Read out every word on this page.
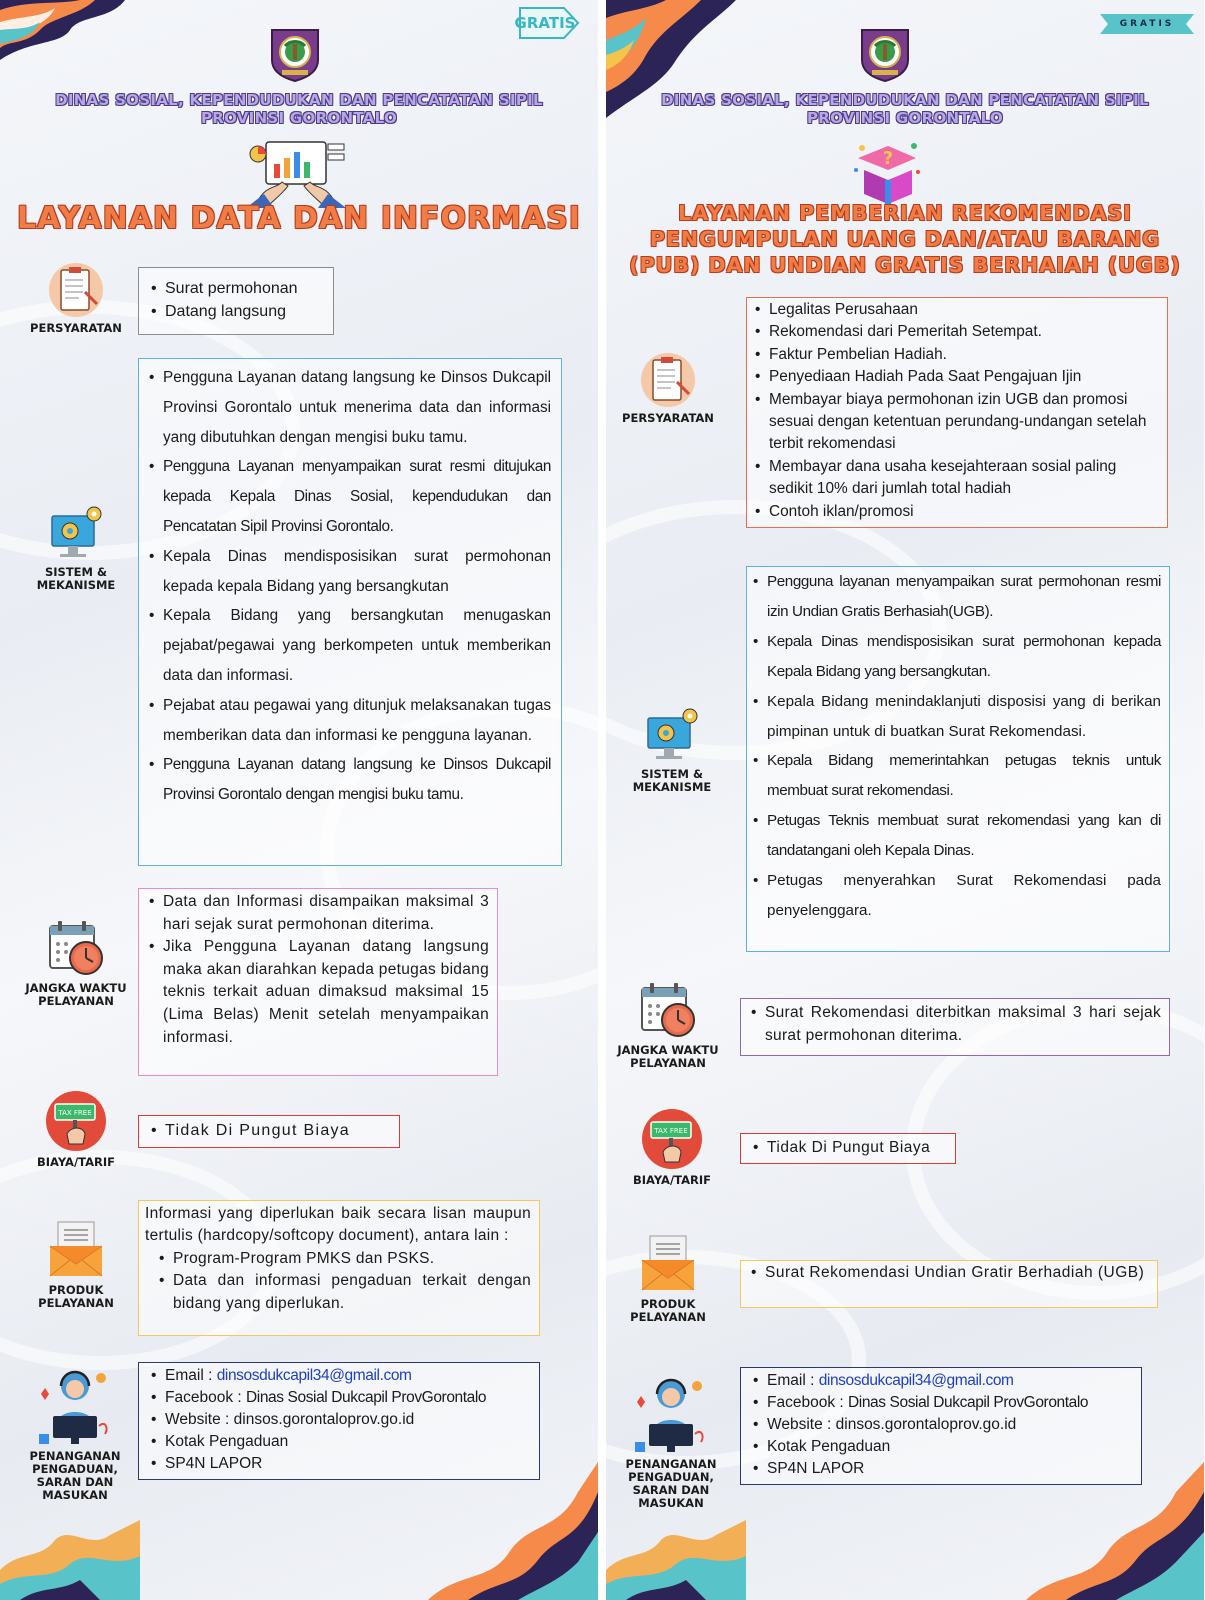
GRATIS
DINAS SOSIAL, KEPENDUDUKAN DAN PENCATATAN SIPIL
PROVINSI GORONTALO
LAYANAN DATA DAN INFORMASI
PERSYARATAN
• Surat permohonan
• Datang langsung
SISTEM &
MEKANISME
• Pengguna Layanan datang langsung ke Dinsos Dukcapil Provinsi Gorontalo untuk menerima data dan informasi yang dibutuhkan dengan mengisi buku tamu.
• Pengguna Layanan menyampaikan surat resmi ditujukan kepada Kepala Dinas Sosial, kependudukan dan Pencatatan Sipil Provinsi Gorontalo.
• Kepala Dinas mendisposisikan surat permohonan kepada kepala Bidang yang bersangkutan
• Kepala Bidang yang bersangkutan menugaskan pejabat/pegawai yang berkompeten untuk memberikan data dan informasi.
• Pejabat atau pegawai yang ditunjuk melaksanakan tugas memberikan data dan informasi ke pengguna layanan.
• Pengguna Layanan datang langsung ke Dinsos Dukcapil Provinsi Gorontalo dengan mengisi buku tamu.
JANGKA WAKTU
PELAYANAN
• Data dan Informasi disampaikan maksimal 3 hari sejak surat permohonan diterima.
• Jika Pengguna Layanan datang langsung maka akan diarahkan kepada petugas bidang teknis terkait aduan dimaksud maksimal 15 (Lima Belas) Menit setelah menyampaikan informasi.
TAX FREE
BIAYA/TARIF
• Tidak Di Pungut Biaya
PRODUK
PELAYANAN
Informasi yang diperlukan baik secara lisan maupun tertulis (hardcopy/softcopy document), antara lain :
• Program-Program PMKS dan PSKS.
• Data dan informasi pengaduan terkait dengan bidang yang diperlukan.
PENANGANAN
PENGADUAN,
SARAN DAN MASUKAN
• Email : dinsosdukcapil34@gmail.com
• Facebook : Dinas Sosial Dukcapil ProvGorontalo
• Website : dinsos.gorontaloprov.go.id
• Kotak Pengaduan
• SP4N LAPOR
GRATIS
DINAS SOSIAL, KEPENDUDUKAN DAN PENCATATAN SIPIL
PROVINSI GORONTALO
?
LAYANAN PEMBERIAN REKOMENDASI
PENGUMPULAN UANG DAN/ATAU BARANG
(PUB) DAN UNDIAN GRATIS BERHAIAH (UGB)
PERSYARATAN
• Legalitas Perusahaan
• Rekomendasi dari Pemeritah Setempat.
• Faktur Pembelian Hadiah.
• Penyediaan Hadiah Pada Saat Pengajuan Ijin
• Membayar biaya permohonan izin UGB dan promosi sesuai dengan ketentuan perundang-undangan setelah terbit rekomendasi
• Membayar dana usaha kesejahteraan sosial paling sedikit 10% dari jumlah total hadiah
• Contoh iklan/promosi
SISTEM &
MEKANISME
• Pengguna layanan menyampaikan surat permohonan resmi izin Undian Gratis Berhasiah(UGB).
• Kepala Dinas mendisposisikan surat permohonan kepada Kepala Bidang yang bersangkutan.
• Kepala Bidang menindaklanjuti disposisi yang di berikan pimpinan untuk di buatkan Surat Rekomendasi.
• Kepala Bidang memerintahkan petugas teknis untuk membuat surat rekomendasi.
• Petugas Teknis membuat surat rekomendasi yang kan di tandatangani oleh Kepala Dinas.
• Petugas menyerahkan Surat Rekomendasi pada penyelenggara.
JANGKA WAKTU
PELAYANAN
• Surat Rekomendasi diterbitkan maksimal 3 hari sejak surat permohonan diterima.
TAX FREE
BIAYA/TARIF
• Tidak Di Pungut Biaya
PRODUK
PELAYANAN
• Surat Rekomendasi Undian Gratir Berhadiah (UGB)
PENANGANAN
PENGADUAN,
SARAN DAN MASUKAN
• Email : dinsosdukcapil34@gmail.com
• Facebook : Dinas Sosial Dukcapil ProvGorontalo
• Website : dinsos.gorontaloprov.go.id
• Kotak Pengaduan
• SP4N LAPOR
